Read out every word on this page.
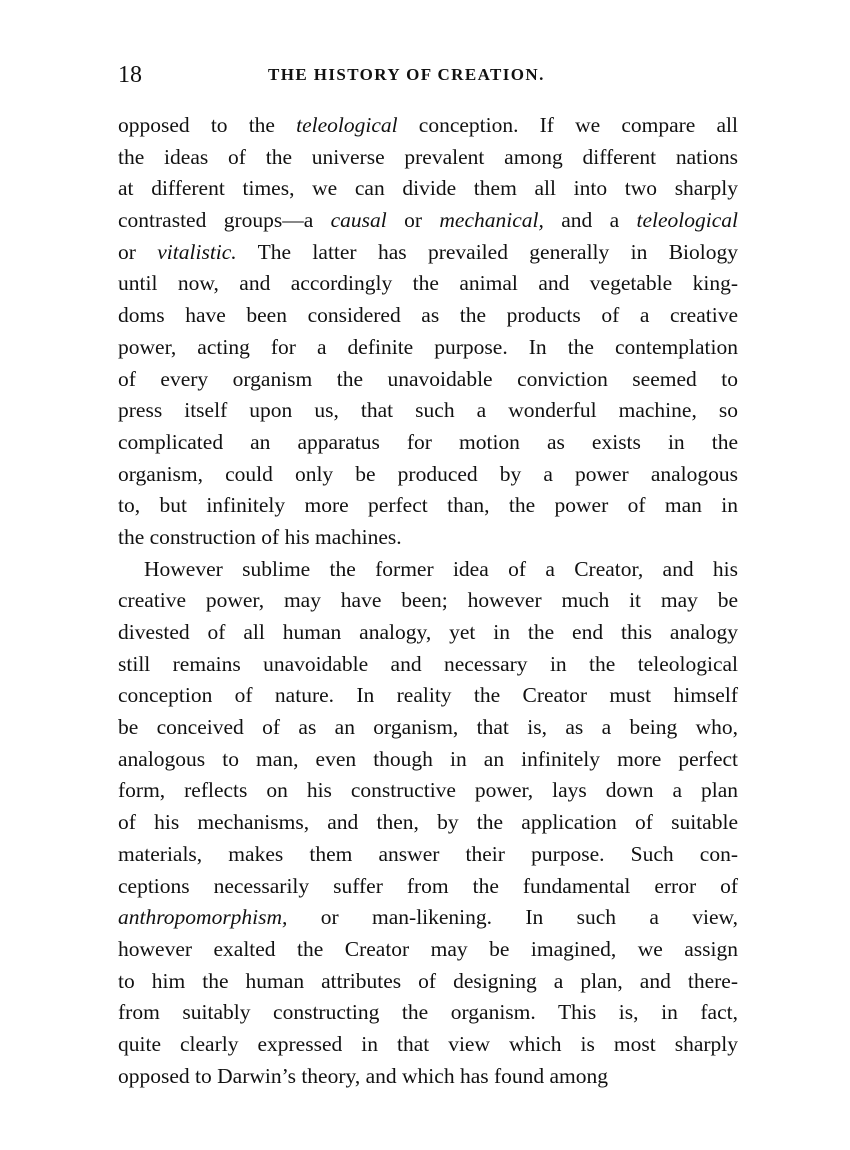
18	THE HISTORY OF CREATION.
opposed to the teleological conception. If we compare all
the ideas of the universe prevalent among different nations
at different times, we can divide them all into two sharply
contrasted groups—a causal or mechanical, and a teleological
or vitalistic. The latter has prevailed generally in Biology
until now, and accordingly the animal and vegetable king-
doms have been considered as the products of a creative
power, acting for a definite purpose. In the contemplation
of every organism the unavoidable conviction seemed to
press itself upon us, that such a wonderful machine, so
complicated an apparatus for motion as exists in the
organism, could only be produced by a power analogous
to, but infinitely more perfect than, the power of man in
the construction of his machines.
However sublime the former idea of a Creator, and his
creative power, may have been; however much it may be
divested of all human analogy, yet in the end this analogy
still remains unavoidable and necessary in the teleological
conception of nature. In reality the Creator must himself
be conceived of as an organism, that is, as a being who,
analogous to man, even though in an infinitely more perfect
form, reflects on his constructive power, lays down a plan
of his mechanisms, and then, by the application of suitable
materials, makes them answer their purpose. Such con-
ceptions necessarily suffer from the fundamental error of
anthropomorphism, or man-likening. In such a view,
however exalted the Creator may be imagined, we assign
to him the human attributes of designing a plan, and there-
from suitably constructing the organism. This is, in fact,
quite clearly expressed in that view which is most sharply
opposed to Darwin’s theory, and which has found among
